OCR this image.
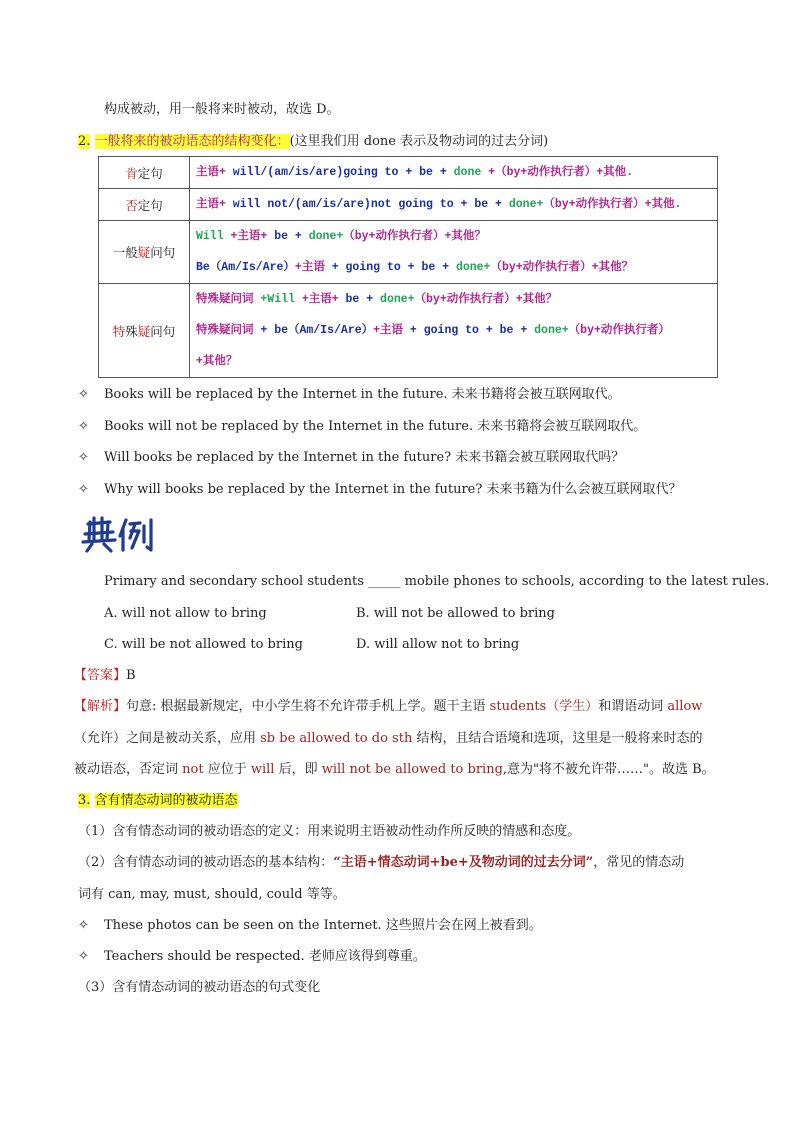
构成被动，用一般将来时被动，故选 D。
2. 一般将来的被动语态的结构变化：(这里我们用 done 表示及物动词的过去分词)
肯定句	主语+ will/(am/is/are)going to + be + done +（by+动作执行者）+其他.

否定句	主语+ will not/(am/is/are)not going to + be + done+（by+动作执行者）+其他.

一般疑问句	Will +主语+ be + done+（by+动作执行者）+其他？
Be（Am/Is/Are）+主语 + going to + be + done+（by+动作执行者）+其他？

特殊疑问句	特殊疑问词 +Will +主语+ be + done+（by+动作执行者）+其他？
特殊疑问词 + be（Am/Is/Are）+主语 + going to + be + done+（by+动作执行者）
+其他？
✧ Books will be replaced by the Internet in the future. 未来书籍将会被互联网取代。
✧ Books will not be replaced by the Internet in the future. 未来书籍将会被互联网取代。
✧ Will books be replaced by the Internet in the future? 未来书籍会被互联网取代吗？
✧ Why will books be replaced by the Internet in the future? 未来书籍为什么会被互联网取代？
Primary and secondary school students _____ mobile phones to schools, according to the latest rules.
A. will not allow to bring	B. will not be allowed to bring
C. will be not allowed to bring	D. will allow not to bring
【答案】B
【解析】句意: 根据最新规定，中小学生将不允许带手机上学。题干主语 students（学生）和谓语动词 allow
（允许）之间是被动关系，应用 sb be allowed to do sth 结构，且结合语境和选项，这里是一般将来时态的
被动语态，否定词 not 应位于 will 后，即 will not be allowed to bring,意为"将不被允许带……"。故选 B。
3. 含有情态动词的被动语态
（1）含有情态动词的被动语态的定义：用来说明主语被动性动作所反映的情感和态度。
（2）含有情态动词的被动语态的基本结构：“主语+情态动词+be+及物动词的过去分词”，常见的情态动
词有 can, may, must, should, could 等等。
✧ These photos can be seen on the Internet. 这些照片会在网上被看到。
✧ Teachers should be respected. 老师应该得到尊重。
（3）含有情态动词的被动语态的句式变化
